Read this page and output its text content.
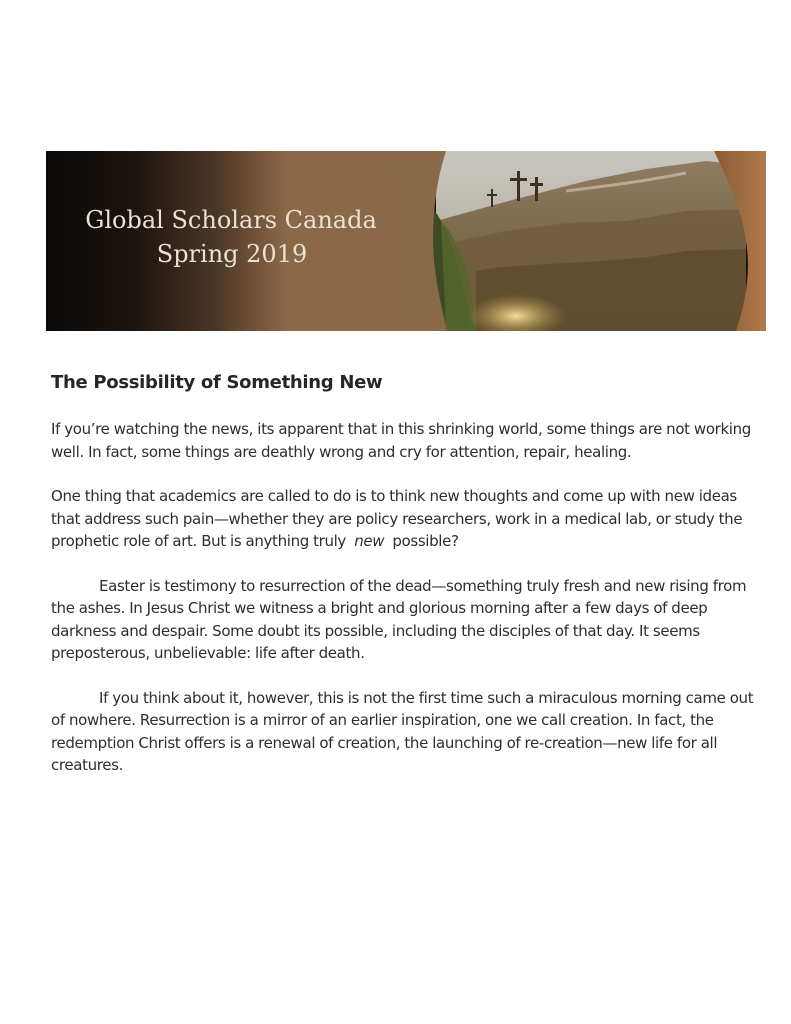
Global Scholars Canada
Spring 2019
The Possibility of Something New

If you’re watching the news, its apparent that in this shrinking world, some things are not working well. In fact, some things are deathly wrong and cry for attention, repair, healing.

One thing that academics are called to do is to think new thoughts and come up with new ideas that address such pain—whether they are policy researchers, work in a medical lab, or study the prophetic role of art. But is anything truly new possible?

Easter is testimony to resurrection of the dead—something truly fresh and new rising from the ashes. In Jesus Christ we witness a bright and glorious morning after a few days of deep darkness and despair. Some doubt its possible, including the disciples of that day. It seems preposterous, unbelievable: life after death.

If you think about it, however, this is not the first time such a miraculous morning came out of nowhere. Resurrection is a mirror of an earlier inspiration, one we call creation. In fact, the redemption Christ offers is a renewal of creation, the launching of re-creation—new life for all creatures.
